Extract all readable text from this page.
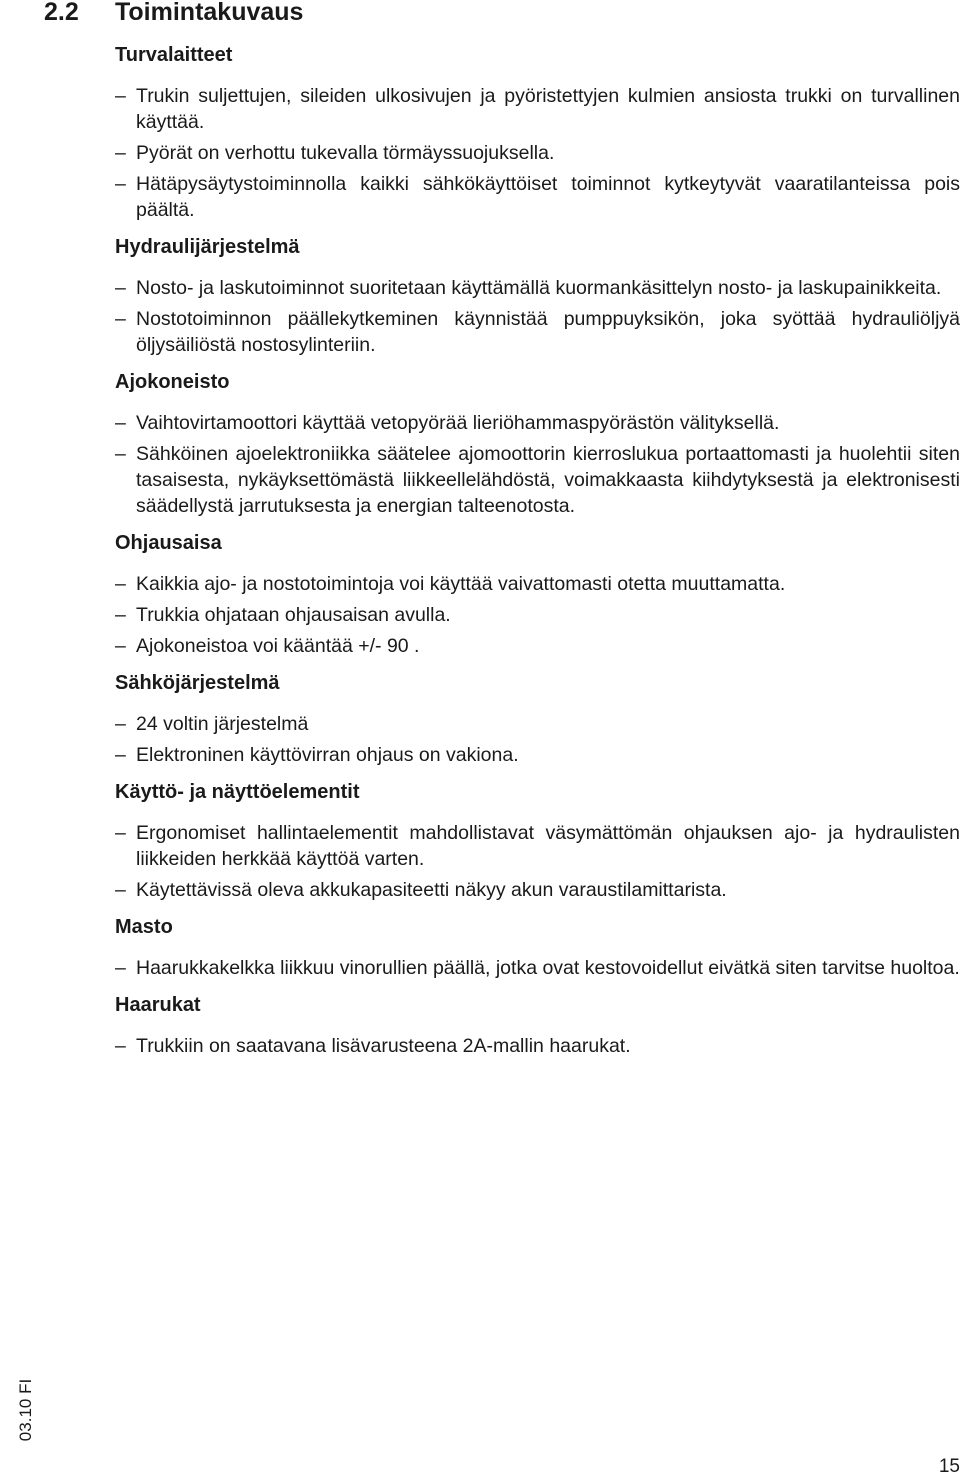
2.2 Toimintakuvaus
Turvalaitteet
– Trukin suljettujen, sileiden ulkosivujen ja pyöristettyjen kulmien ansiosta trukki on turvallinen käyttää.
– Pyörät on verhottu tukevalla törmäyssuojuksella.
– Hätäpysäytystoiminnolla kaikki sähkökäyttöiset toiminnot kytkeytyvät vaaratilanteissa pois päältä.
Hydraulijärjestelmä
– Nosto- ja laskutoiminnot suoritetaan käyttämällä kuormankäsittelyn nosto- ja laskupainikkeita.
– Nostotoiminnon päällekytkeminen käynnistää pumppuyksikön, joka syöttää hydrauliöljyä öljysäiliöstä nostosylinteriin.
Ajokoneisto
– Vaihtovirtamoottori käyttää vetopyörää lieriöhammaspyörästön välityksellä.
– Sähköinen ajoelektroniikka säätelee ajomoottorin kierroslukua portaattomasti ja huolehtii siten tasaisesta, nykäyksettömästä liikkeellelähdöstä, voimakkaasta kiihdytyksestä ja elektronisesti säädellystä jarrutuksesta ja energian talteenotosta.
Ohjausaisa
– Kaikkia ajo- ja nostotoimintoja voi käyttää vaivattomasti otetta muuttamatta.
– Trukkia ohjataan ohjausaisan avulla.
– Ajokoneistoa voi kääntää +/- 90 .
Sähköjärjestelmä
– 24 voltin järjestelmä
– Elektroninen käyttövirran ohjaus on vakiona.
Käyttö- ja näyttöelementit
– Ergonomiset hallintaelementit mahdollistavat väsymättömän ohjauksen ajo- ja hydraulisten liikkeiden herkkää käyttöä varten.
– Käytettävissä oleva akkukapasiteetti näkyy akun varaustilamittarista.
Masto
– Haarukkakelkka liikkuu vinorullien päällä, jotka ovat kestovoidellut eivätkä siten tarvitse huoltoa.
Haarukat
– Trukkiin on saatavana lisävarusteena 2A-mallin haarukat.
03.10 FI
15
